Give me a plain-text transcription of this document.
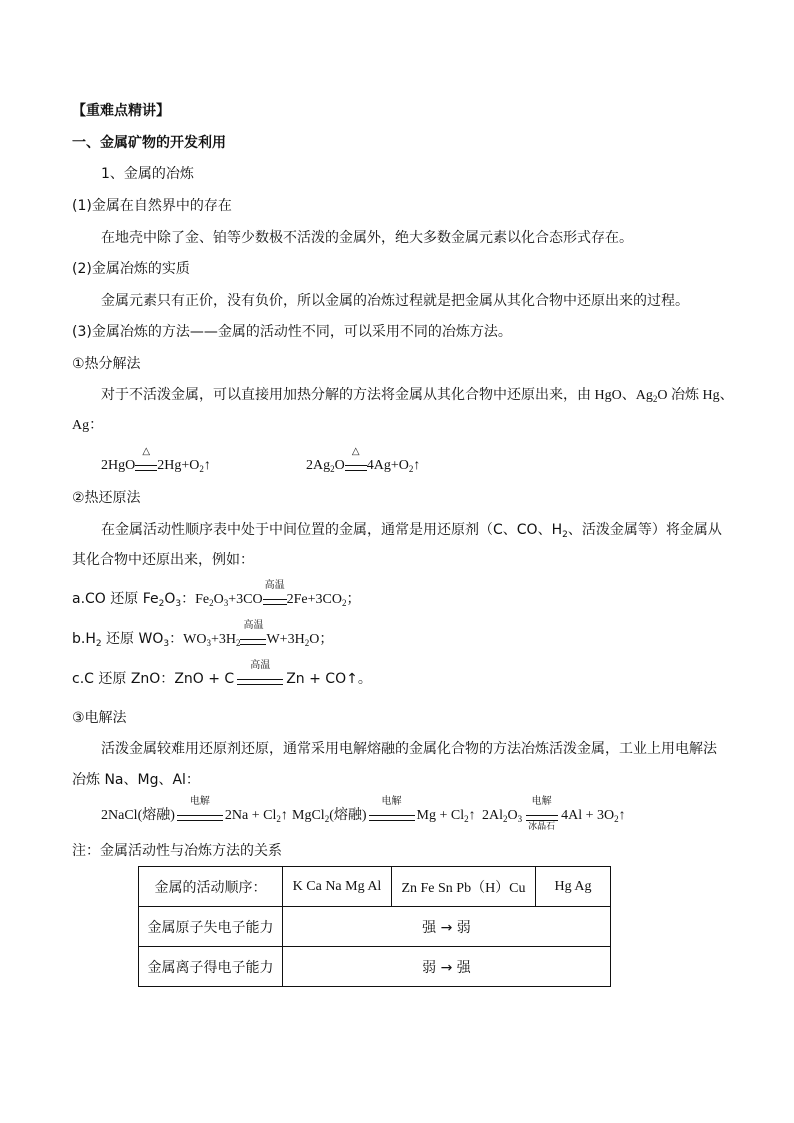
【重难点精讲】
一、金属矿物的开发利用
1、金属的冶炼
(1)金属在自然界中的存在
在地壳中除了金、铂等少数极不活泼的金属外，绝大多数金属元素以化合态形式存在。
(2)金属冶炼的实质
金属元素只有正价，没有负价，所以金属的冶炼过程就是把金属从其化合物中还原出来的过程。
(3)金属冶炼的方法——金属的活动性不同，可以采用不同的冶炼方法。
①热分解法
对于不活泼金属，可以直接用加热分解的方法将金属从其化合物中还原出来，由 HgO、$Ag_2O$ 冶炼 Hg、
Ag：
2HgO
△
$2Hg+O_2↑$	$2Ag_2O$
△
$4Ag+O_2↑$
②热还原法
在金属活动性顺序表中处于中间位置的金属，通常是用还原剂（C、CO、$H_2$、活泼金属等）将金属从
其化合物中还原出来，例如：
a.CO 还原 $Fe_2O_3$：$Fe_2O_3+3CO$
高温
$2Fe+3CO_2$；
$b.H_2$ 还原 $WO_3$：$WO_3+3H_2$
高温
$W+3H_2O$；
c.C 还原 ZnO：ZnO + C
高温
Zn + CO↑。
③电解法
活泼金属较难用还原剂还原，通常采用电解熔融的金属化合物的方法冶炼活泼金属，工业上用电解法
冶炼 Na、Mg、Al：
2NaCl(熔融)
电解
$2Na + Cl_2↑$ MgCl$_2$(熔融)
电解
$Mg + Cl_2↑$ $2Al_2O_3$
电解
冰晶石
$4Al + 3O_2↑$
注：金属活动性与冶炼方法的关系
金属的活动顺序：	K Ca Na Mg Al	Zn Fe Sn Pb（H）Cu	Hg Ag
金属原子失电子能力	强 → 弱		
金属离子得电子能力	弱 → 强		
